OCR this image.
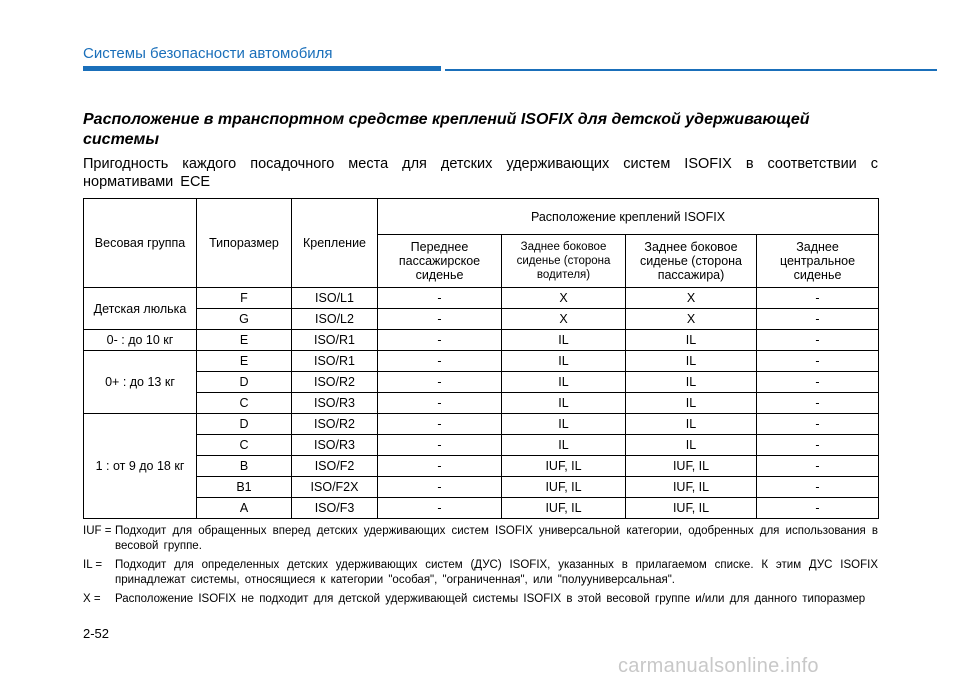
Системы безопасности автомобиля
Расположение в транспортном средстве креплений ISOFIX для детской удерживающей системы
Пригодность каждого посадочного места для детских удерживающих систем ISOFIX в соответствии с нормативами ECE
Весовая группа	Типоразмер	Крепление	Расположение креплений ISOFIX			
			Переднее пассажирское сиденье	Заднее боковое сиденье (сторона водителя)	Заднее боковое сиденье (сторона пассажира)	Заднее центральное сиденье
Детская люлька	F	ISO/L1	-	X	X	-
	G	ISO/L2	-	X	X	-
0- : до 10 кг	E	ISO/R1	-	IL	IL	-
0+ : до 13 кг	E	ISO/R1	-	IL	IL	-
	D	ISO/R2	-	IL	IL	-
	C	ISO/R3	-	IL	IL	-
1 : от 9 до 18 кг	D	ISO/R2	-	IL	IL	-
	C	ISO/R3	-	IL	IL	-
	B	ISO/F2	-	IUF, IL	IUF, IL	-
	B1	ISO/F2X	-	IUF, IL	IUF, IL	-
	A	ISO/F3	-	IUF, IL	IUF, IL	-
IUF = Подходит для обращенных вперед детских удерживающих систем ISOFIX универсальной категории, одобренных для использования в весовой группе.
IL =	Подходит для определенных детских удерживающих систем (ДУС) ISOFIX, указанных в прилагаемом списке. К этим ДУС ISOFIX принадлежат системы, относящиеся к категории "особая", "ограниченная", или "полууниверсальная".
X =	Расположение ISOFIX не подходит для детской удерживающей системы ISOFIX в этой весовой группе и/или для данного типоразмер
2-52
carmanualsonline.info
